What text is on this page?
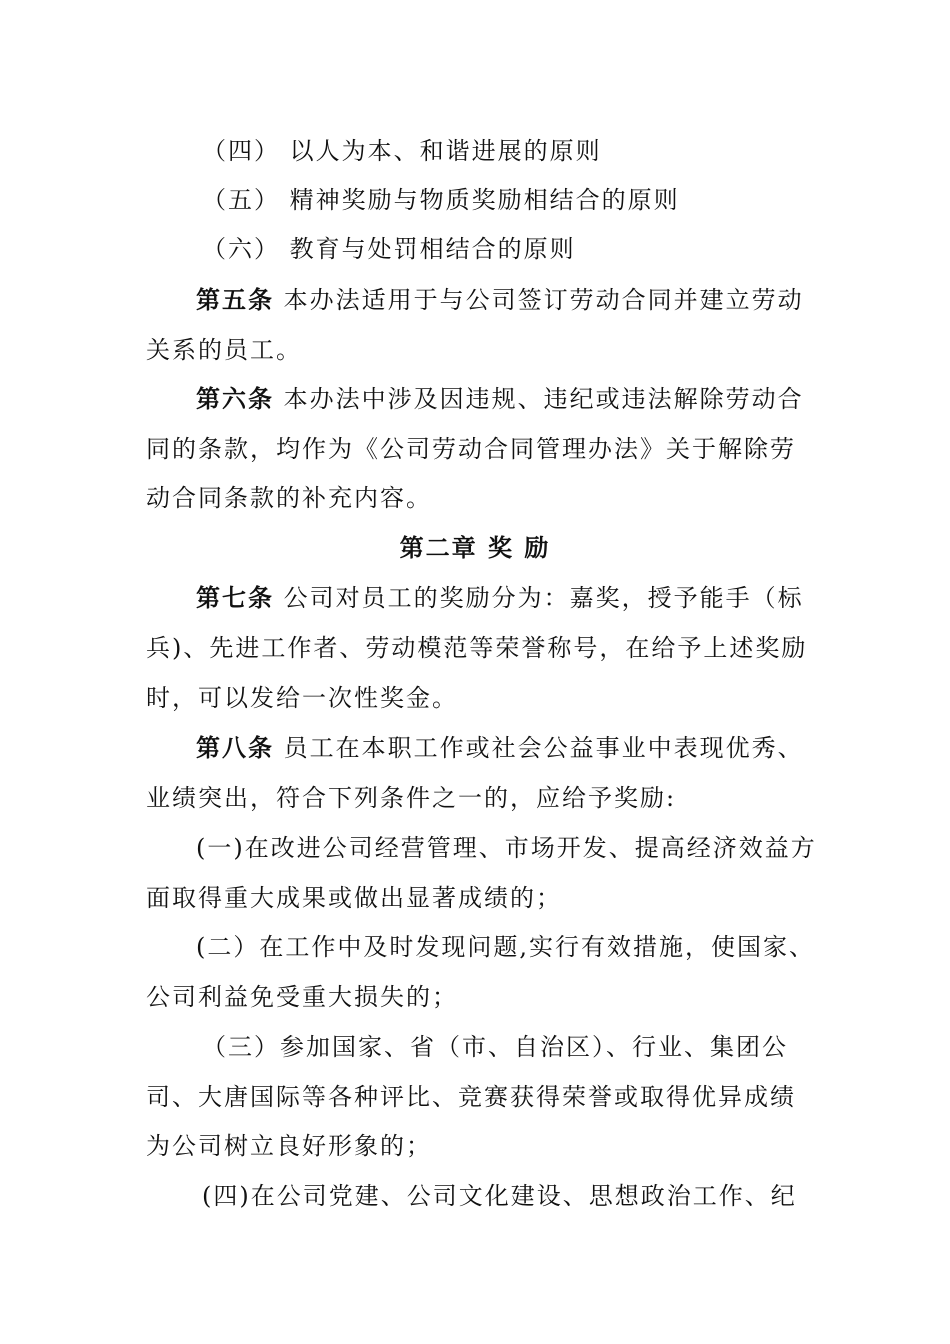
（四） 以人为本、和谐进展的原则
（五） 精神奖励与物质奖励相结合的原则
（六） 教育与处罚相结合的原则
第五条 本办法适用于与公司签订劳动合同并建立劳动
关系的员工。
第六条 本办法中涉及因违规、违纪或违法解除劳动合
同的条款，均作为《公司劳动合同管理办法》关于解除劳
动合同条款的补充内容。
第二章 奖 励
第七条 公司对员工的奖励分为：嘉奖，授予能手（标
兵)、先进工作者、劳动模范等荣誉称号，在给予上述奖励
时，可以发给一次性奖金。
第八条 员工在本职工作或社会公益事业中表现优秀、
业绩突出，符合下列条件之一的，应给予奖励:
(一)在改进公司经营管理、市场开发、提高经济效益方
面取得重大成果或做出显著成绩的；
(二）在工作中及时发现问题,实行有效措施，使国家、
公司利益免受重大损失的；
（三）参加国家、省（市、自治区）、行业、集团公
司、大唐国际等各种评比、竞赛获得荣誉或取得优异成绩
为公司树立良好形象的；
(四)在公司党建、公司文化建设、思想政治工作、纪
